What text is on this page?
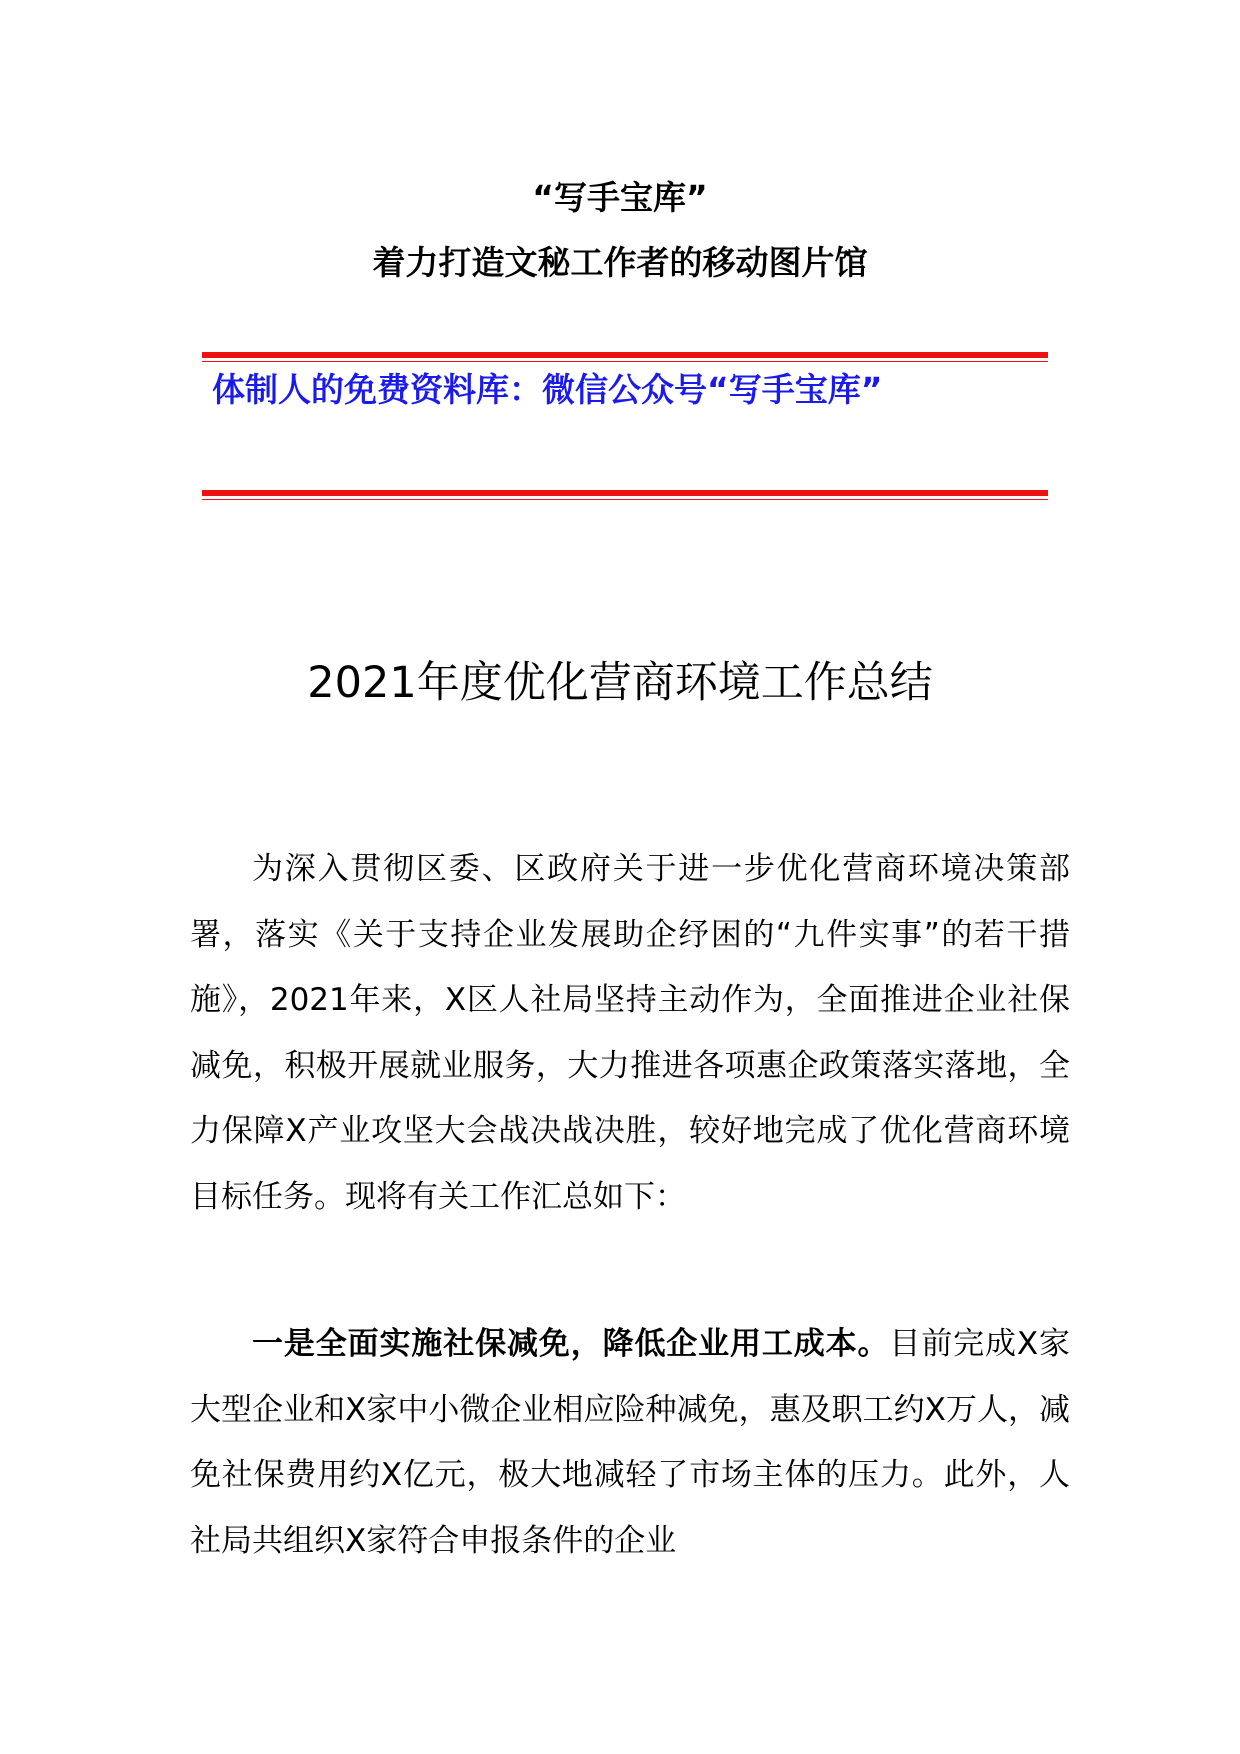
“写手宝库”
着力打造文秘工作者的移动图片馆
体制人的免费资料库：微信公众号“写手宝库”
2021年度优化营商环境工作总结

为深入贯彻区委、区政府关于进一步优化营商环境决策部署，落实《关于支持企业发展助企纾困的“九件实事”的若干措施》，2021年来，X区人社局坚持主动作为，全面推进企业社保减免，积极开展就业服务，大力推进各项惠企政策落实落地，全力保障X产业攻坚大会战决战决胜，较好地完成了优化营商环境目标任务。现将有关工作汇总如下：

一是全面实施社保减免，降低企业用工成本。目前完成X家大型企业和X家中小微企业相应险种减免，惠及职工约X万人，减免社保费用约X亿元，极大地减轻了市场主体的压力。此外，人社局共组织X家符合申报条件的企业
